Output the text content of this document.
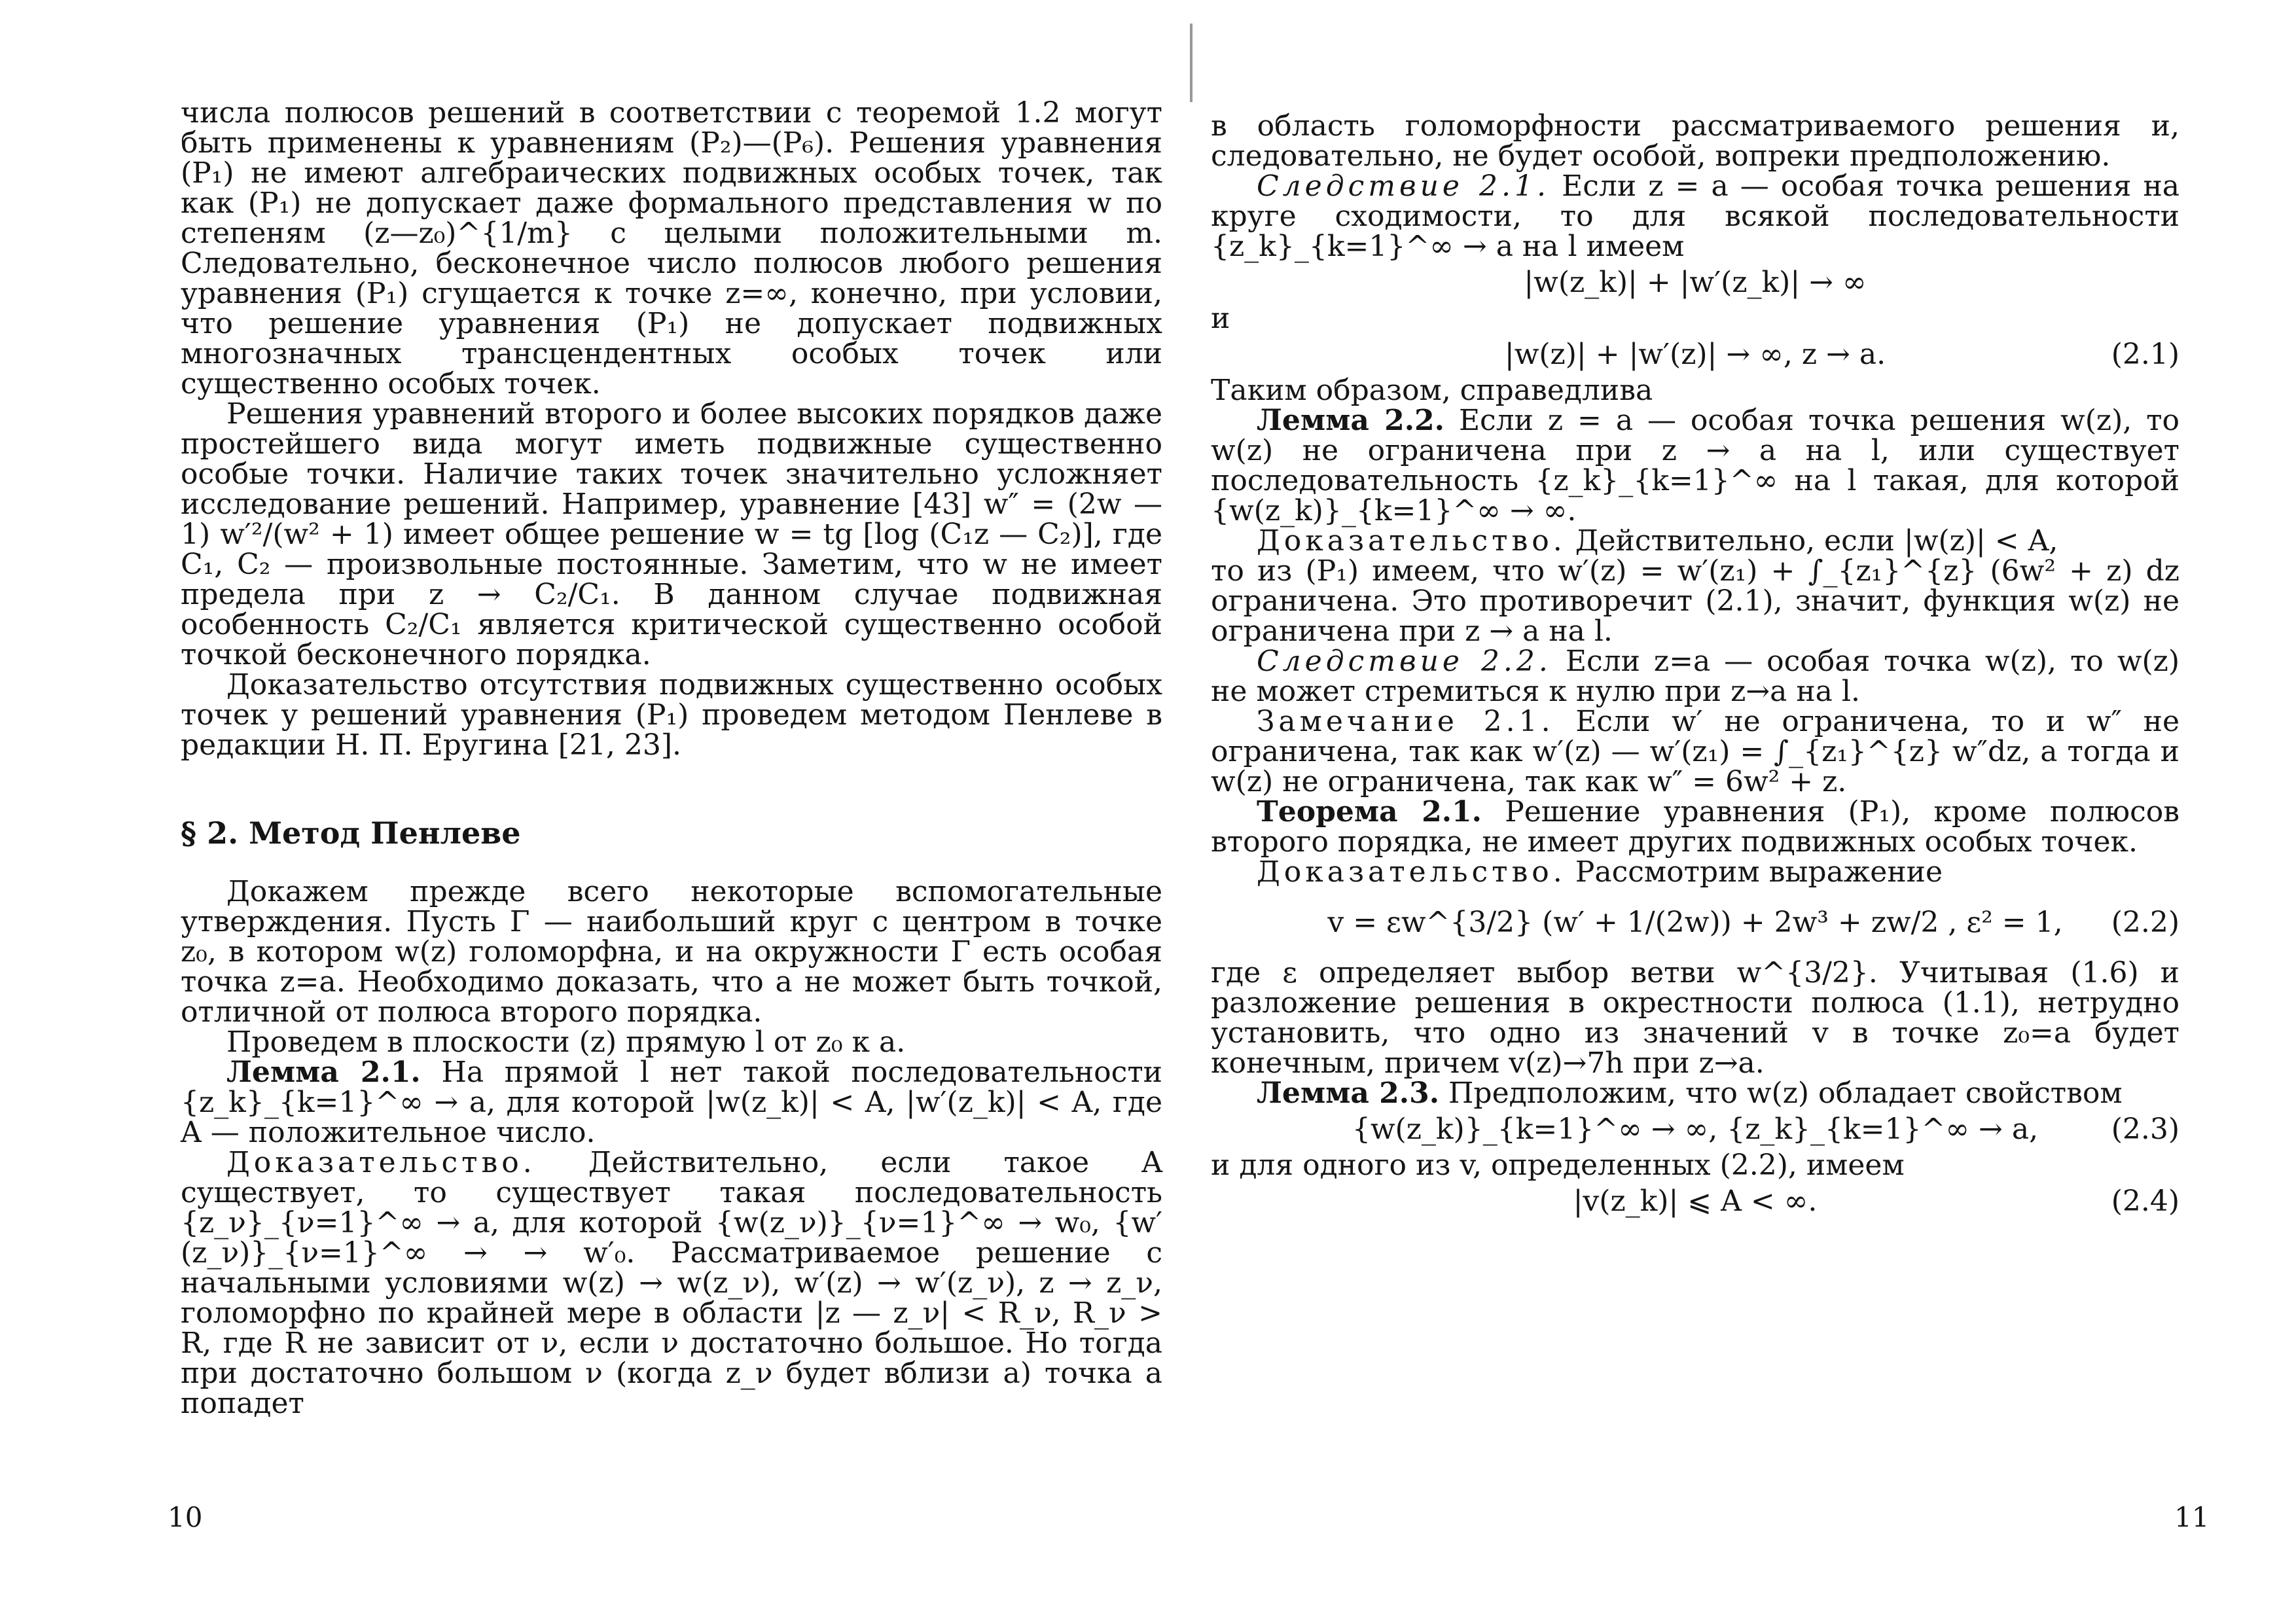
числа полюсов решений в соответствии с теоремой 1.2 могут быть применены к уравнениям (P₂)—(P₆). Решения уравнения (P₁) не имеют алгебраических подвижных особых точек, так как (P₁) не допускает даже формального представления w по степеням (z—z₀)^{1/m} с целыми положительными m. Следовательно, бесконечное число полюсов любого решения уравнения (P₁) сгущается к точке z=∞, конечно, при условии, что решение уравнения (P₁) не допускает подвижных многозначных трансцендентных особых точек или существенно особых точек.

Решения уравнений второго и более высоких порядков даже простейшего вида могут иметь подвижные существенно особые точки. Наличие таких точек значительно усложняет исследование решений. Например, уравнение [43] w″ = (2w — 1) w′²/(w² + 1) имеет общее решение w = tg [log (C₁z — C₂)], где C₁, C₂ — произвольные постоянные. Заметим, что w не имеет предела при z → C₂/C₁. В данном случае подвижная особенность C₂/C₁ является критической существенно особой точкой бесконечного порядка.

Доказательство отсутствия подвижных существенно особых точек у решений уравнения (P₁) проведем методом Пенлеве в редакции Н. П. Еругина [21, 23].

§ 2. Метод Пенлеве

Докажем прежде всего некоторые вспомогательные утверждения. Пусть Γ — наибольший круг с центром в точке z₀, в котором w(z) голоморфна, и на окружности Γ есть особая точка z=a. Необходимо доказать, что a не может быть точкой, отличной от полюса второго порядка.

Проведем в плоскости (z) прямую l от z₀ к a.

Лемма 2.1. На прямой l нет такой последовательности {z_k}_{k=1}^∞ → a, для которой |w(z_k)| < A, |w′(z_k)| < A, где A — положительное число.

Доказательство. Действительно, если такое A существует, то существует такая последовательность {z_ν}_{ν=1}^∞ → a, для которой {w(z_ν)}_{ν=1}^∞ → w₀, {w′(z_ν)}_{ν=1}^∞ → → w′₀. Рассматриваемое решение с начальными условиями w(z) → w(z_ν), w′(z) → w′(z_ν), z → z_ν, голоморфно по крайней мере в области |z — z_ν| < R_ν, R_ν > R, где R не зависит от ν, если ν достаточно большое. Но тогда при достаточно большом ν (когда z_ν будет вблизи a) точка a попадет

10

в область голоморфности рассматриваемого решения и, следовательно, не будет особой, вопреки предположению.

Следствие 2.1. Если z = a — особая точка решения на круге сходимости, то для всякой последовательности {z_k}_{k=1}^∞ → a на l имеем

|w(z_k)| + |w′(z_k)| → ∞

и

|w(z)| + |w′(z)| → ∞, z → a.	(2.1)

Таким образом, справедлива

Лемма 2.2. Если z = a — особая точка решения w(z), то w(z) не ограничена при z → a на l, или существует последовательность {z_k}_{k=1}^∞ на l такая, для которой {w(z_k)}_{k=1}^∞ → ∞.

Доказательство. Действительно, если |w(z)| < A,

то из (P₁) имеем, что w′(z) = w′(z₁) + ∫_{z₁}^{z} (6w² + z) dz ограничена. Это противоречит (2.1), значит, функция w(z) не ограничена при z → a на l.

Следствие 2.2. Если z=a — особая точка w(z), то w(z) не может стремиться к нулю при z→a на l.

Замечание 2.1. Если w′ не ограничена, то и w″ не ограничена, так как w′(z) — w′(z₁) = ∫_{z₁}^{z} w″dz, а тогда и w(z) не ограничена, так как w″ = 6w² + z.

Теорема 2.1. Решение уравнения (P₁), кроме полюсов второго порядка, не имеет других подвижных особых точек.

Доказательство. Рассмотрим выражение

v = εw^{3/2} (w′ + 1/(2w)) + 2w³ + zw/2 , ε² = 1, (2.2)

где ε определяет выбор ветви w^{3/2}. Учитывая (1.6) и разложение решения в окрестности полюса (1.1), нетрудно установить, что одно из значений v в точке z₀=a будет конечным, причем v(z)→7h при z→a.

Лемма 2.3. Предположим, что w(z) обладает свойством

{w(z_k)}_{k=1}^∞ → ∞, {z_k}_{k=1}^∞ → a,	(2.3)

и для одного из v, определенных (2.2), имеем

|v(z_k)| ⩽ A < ∞.	(2.4)
11
